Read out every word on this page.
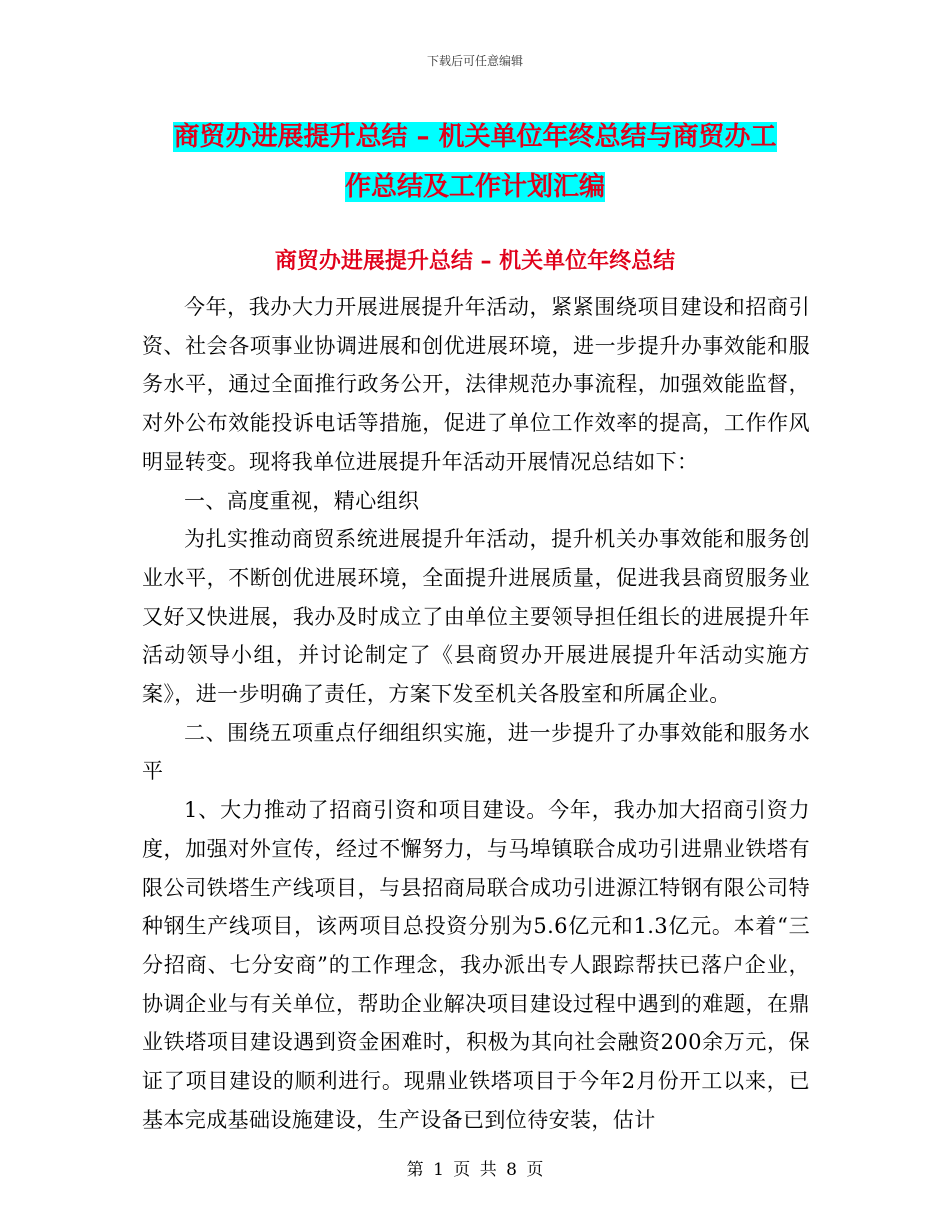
下载后可任意编辑
商贸办进展提升总结 – 机关单位年终总结与商贸办工
作总结及工作计划汇编
商贸办进展提升总结 – 机关单位年终总结

今年，我办大力开展进展提升年活动，紧紧围绕项目建设和招商引资、社会各项事业协调进展和创优进展环境，进一步提升办事效能和服务水平，通过全面推行政务公开，法律规范办事流程，加强效能监督，对外公布效能投诉电话等措施，促进了单位工作效率的提高，工作作风明显转变。现将我单位进展提升年活动开展情况总结如下：

一、高度重视，精心组织

为扎实推动商贸系统进展提升年活动，提升机关办事效能和服务创业水平，不断创优进展环境，全面提升进展质量，促进我县商贸服务业又好又快进展，我办及时成立了由单位主要领导担任组长的进展提升年活动领导小组，并讨论制定了《县商贸办开展进展提升年活动实施方案》，进一步明确了责任，方案下发至机关各股室和所属企业。

二、围绕五项重点仔细组织实施，进一步提升了办事效能和服务水平

1、大力推动了招商引资和项目建设。今年，我办加大招商引资力度，加强对外宣传，经过不懈努力，与马埠镇联合成功引进鼎业铁塔有限公司铁塔生产线项目，与县招商局联合成功引进源江特钢有限公司特种钢生产线项目，该两项目总投资分别为5.6亿元和1.3亿元。本着“三分招商、七分安商”的工作理念，我办派出专人跟踪帮扶已落户企业，协调企业与有关单位，帮助企业解决项目建设过程中遇到的难题，在鼎业铁塔项目建设遇到资金困难时，积极为其向社会融资200余万元，保证了项目建设的顺利进行。现鼎业铁塔项目于今年2月份开工以来，已基本完成基础设施建设，生产设备已到位待安装，估计

第 1 页 共 8 页
